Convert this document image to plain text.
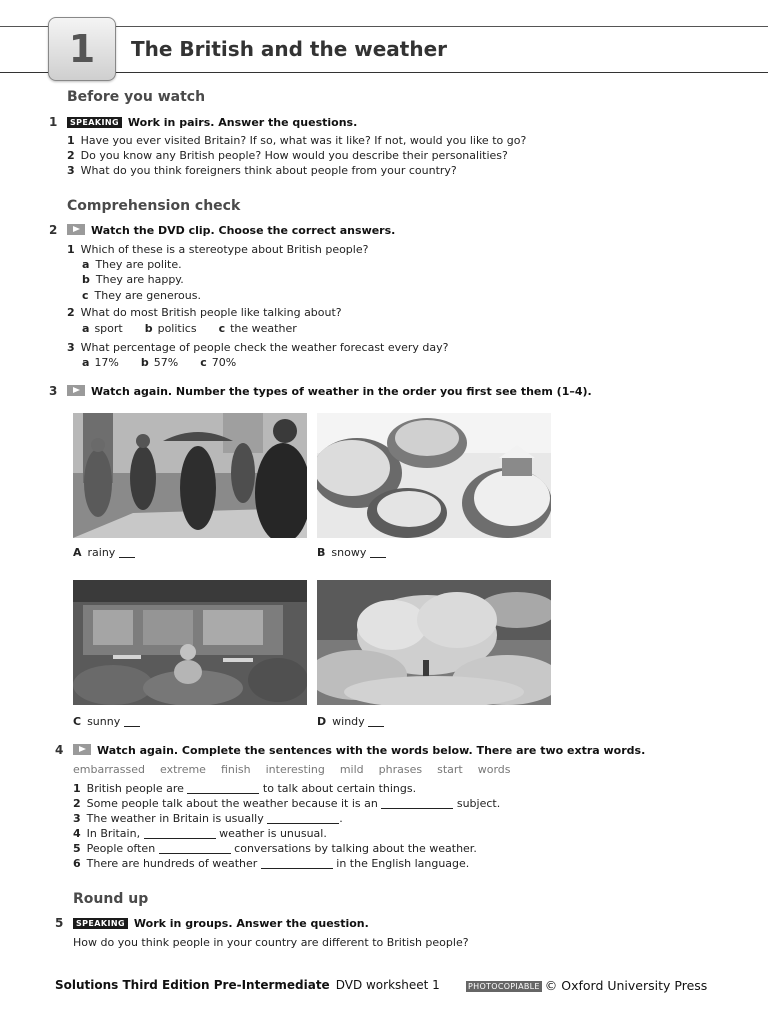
1 The British and the weather
Before you watch
1	SPEAKING Work in pairs. Answer the questions.
1 Have you ever visited Britain? If so, what was it like? If not, would you like to go?
2 Do you know any British people? How would you describe their personalities?
3 What do you think foreigners think about people from your country?
Comprehension check
2	Watch the DVD clip. Choose the correct answers.
1 Which of these is a stereotype about British people?
a They are polite.
b They are happy.
c They are generous.
2 What do most British people like talking about?
a sport b politics c the weather
3 What percentage of people check the weather forecast every day?
a 17% b 57% c 70%
3	Watch again. Number the types of weather in the order you first see them (1–4).
A rainy	B snowy
C sunny	D windy
4	Watch again. Complete the sentences with the words below. There are two extra words.
embarrassed extreme finish interesting mild phrases start words
1 British people are	to talk about certain things.
2 Some people talk about the weather because it is an	subject.
3 The weather in Britain is usually	.
4 In Britain,	weather is unusual.
5 People often	conversations by talking about the weather.
6 There are hundreds of weather	in the English language.
Round up
5	SPEAKING Work in groups. Answer the question.
How do you think people in your country are different to British people?
Solutions Third Edition Pre-Intermediate DVD worksheet 1	PHOTOCOPIABLE © Oxford University Press
